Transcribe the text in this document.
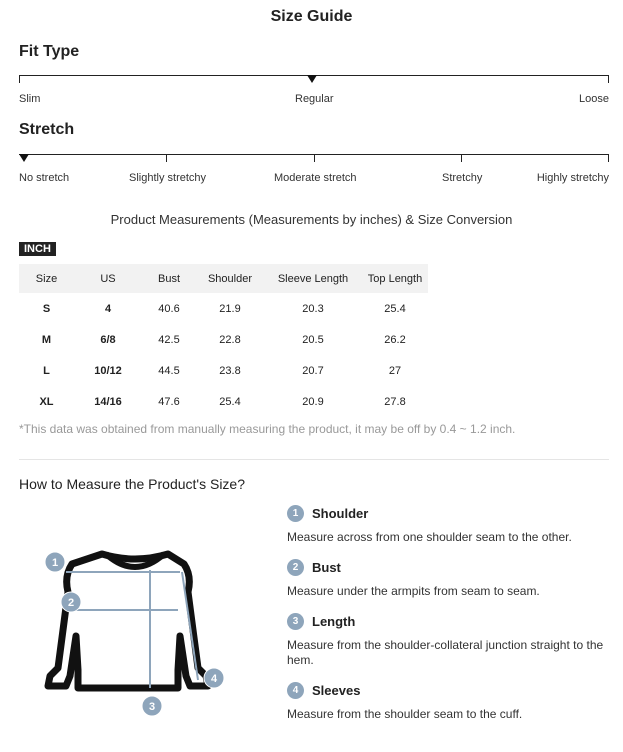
Size Guide
Fit Type
Slim	Regular	Loose
Stretch
No stretch	Slightly stretchy	Moderate stretch	Stretchy	Highly stretchy
Product Measurements (Measurements by inches) & Size Conversion
INCH
Size	US	Bust	Shoulder	Sleeve Length	Top Length
S	4	40.6	21.9	20.3	25.4
M	6/8	42.5	22.8	20.5	26.2
L	10/12	44.5	23.8	20.7	27
XL	14/16	47.6	25.4	20.9	27.8
*This data was obtained from manually measuring the product, it may be off by 0.4 ~ 1.2 inch.
How to Measure the Product's Size?
1
2
3
4
1	Shoulder
Measure across from one shoulder seam to the other.
2	Bust
Measure under the armpits from seam to seam.
3	Length
Measure from the shoulder-collateral junction straight to the hem.
4	Sleeves
Measure from the shoulder seam to the cuff.
